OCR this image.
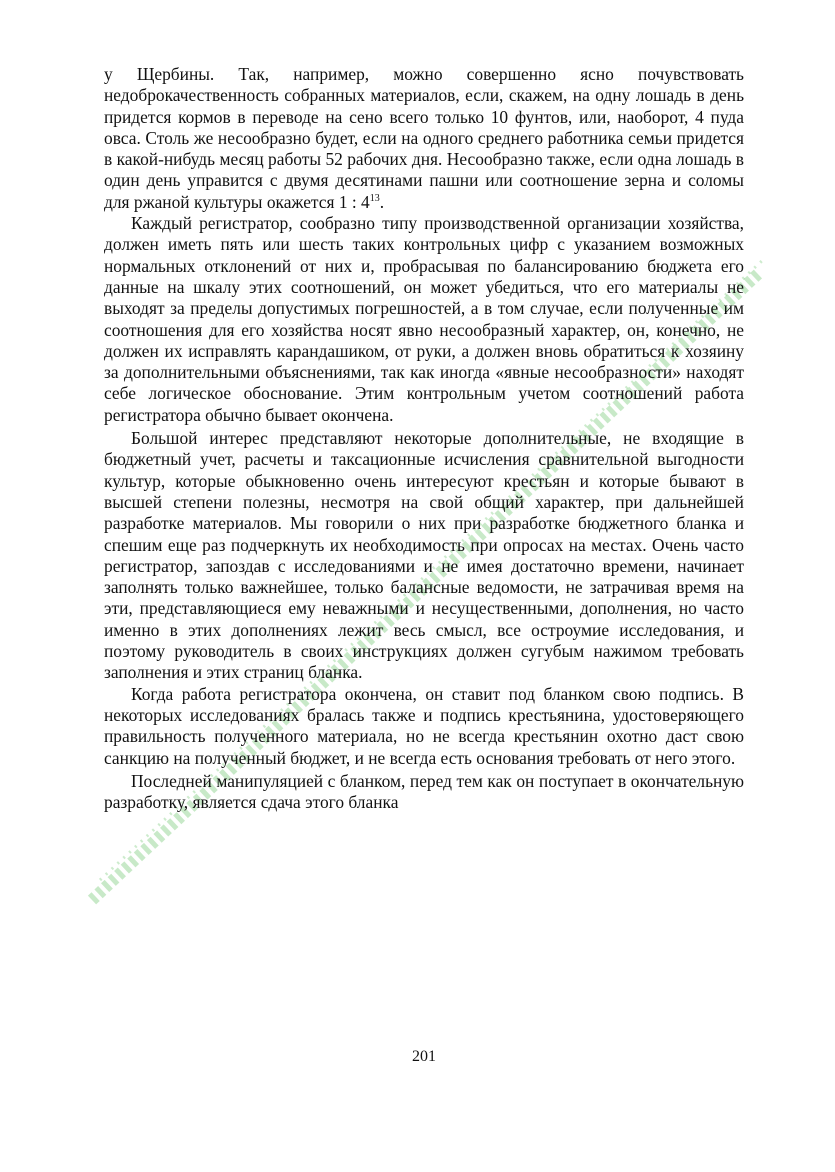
у Щербины. Так, например, можно совершенно ясно почувствовать недоброкачественность собранных материалов, если, скажем, на одну лошадь в день придется кормов в переводе на сено всего только 10 фунтов, или, наоборот, 4 пуда овса. Столь же несообразно будет, если на одного среднего работника семьи придется в какой-нибудь месяц работы 52 рабочих дня. Несообразно также, если одна лошадь в один день управится с двумя десятинами пашни или соотношение зерна и соломы для ржаной культуры окажется 1 : 4$^{13}$.

Каждый регистратор, сообразно типу производственной организации хозяйства, должен иметь пять или шесть таких контрольных цифр с указанием возможных нормальных отклонений от них и, пробрасывая по балансированию бюджета его данные на шкалу этих соотношений, он может убедиться, что его материалы не выходят за пределы допустимых погрешностей, а в том случае, если полученные им соотношения для его хозяйства носят явно несообразный характер, он, конечно, не должен их исправлять карандашиком, от руки, а должен вновь обратиться к хозяину за дополнительными объяснениями, так как иногда «явные несообразности» находят себе логическое обоснование. Этим контрольным учетом соотношений работа регистратора обычно бывает окончена.

Большой интерес представляют некоторые дополнительные, не входящие в бюджетный учет, расчеты и таксационные исчисления сравнительной выгодности культур, которые обыкновенно очень интересуют крестьян и которые бывают в высшей степени полезны, несмотря на свой общий характер, при дальнейшей разработке материалов. Мы говорили о них при разработке бюджетного бланка и спешим еще раз подчеркнуть их необходимость при опросах на местах. Очень часто регистратор, запоздав с исследованиями и не имея достаточно времени, начинает заполнять только важнейшее, только балансные ведомости, не затрачивая время на эти, представляющиеся ему неважными и несущественными, дополнения, но часто именно в этих дополнениях лежит весь смысл, все остроумие исследования, и поэтому руководитель в своих инструкциях должен сугубым нажимом требовать заполнения и этих страниц бланка.

Когда работа регистратора окончена, он ставит под бланком свою подпись. В некоторых исследованиях бралась также и подпись крестьянина, удостоверяющего правильность полученного материала, но не всегда крестьянин охотно даст свою санкцию на полученный бюджет, и не всегда есть основания требовать от него этого.

Последней манипуляцией с бланком, перед тем как он поступает в окончательную разработку, является сдача этого бланка

201
